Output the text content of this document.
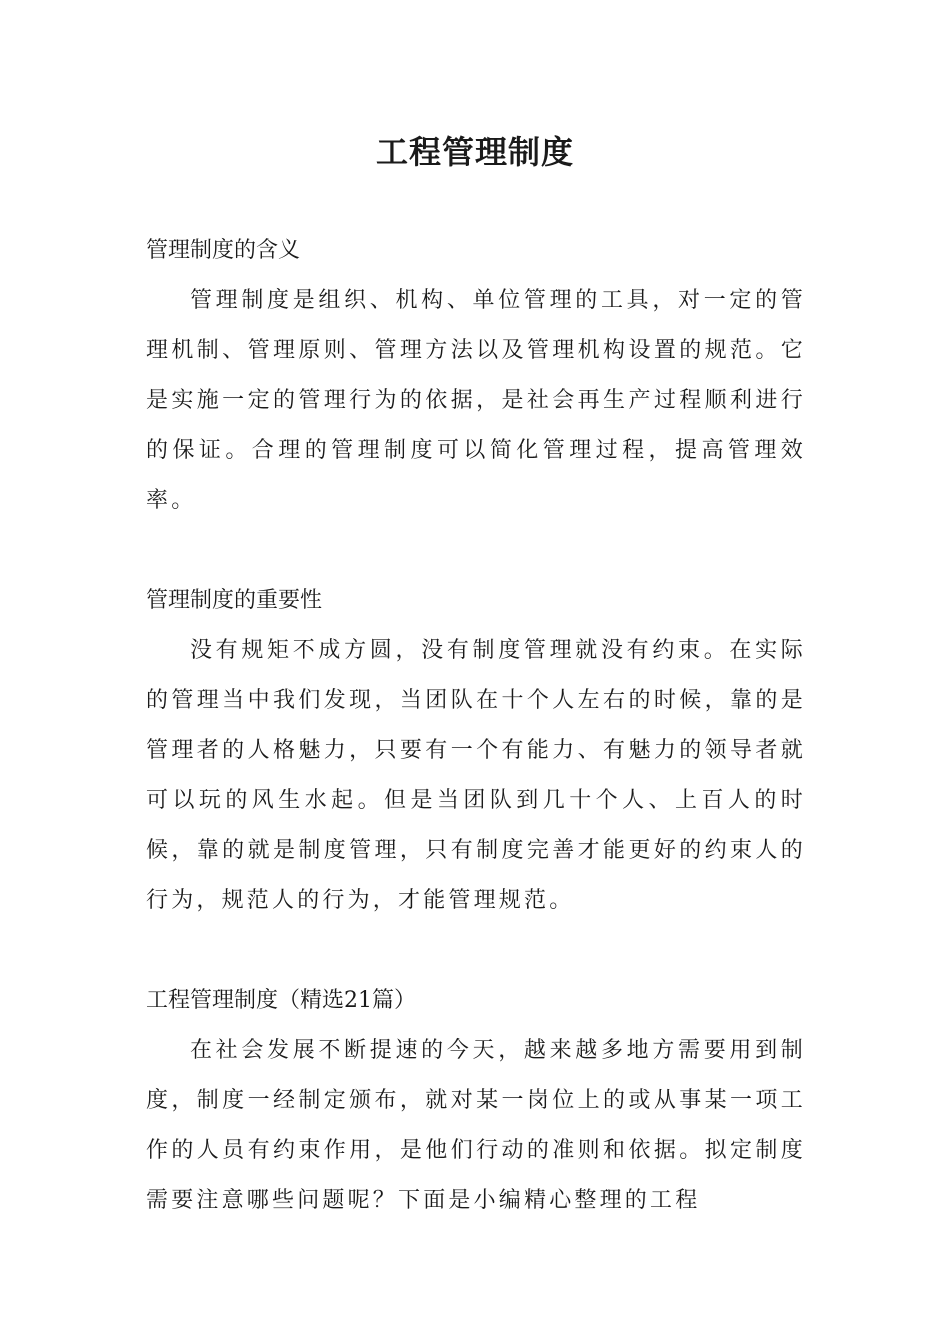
工程管理制度
管理制度的含义

管理制度是组织、机构、单位管理的工具，对一定的管理机制、管理原则、管理方法以及管理机构设置的规范。它是实施一定的管理行为的依据，是社会再生产过程顺利进行的保证。合理的管理制度可以简化管理过程，提高管理效率。

管理制度的重要性

没有规矩不成方圆，没有制度管理就没有约束。在实际的管理当中我们发现，当团队在十个人左右的时候，靠的是管理者的人格魅力，只要有一个有能力、有魅力的领导者就可以玩的风生水起。但是当团队到几十个人、上百人的时候，靠的就是制度管理，只有制度完善才能更好的约束人的行为，规范人的行为，才能管理规范。

工程管理制度（精选21篇）

在社会发展不断提速的今天，越来越多地方需要用到制度，制度一经制定颁布，就对某一岗位上的或从事某一项工作的人员有约束作用，是他们行动的准则和依据。拟定制度需要注意哪些问题呢？下面是小编精心整理的工程
